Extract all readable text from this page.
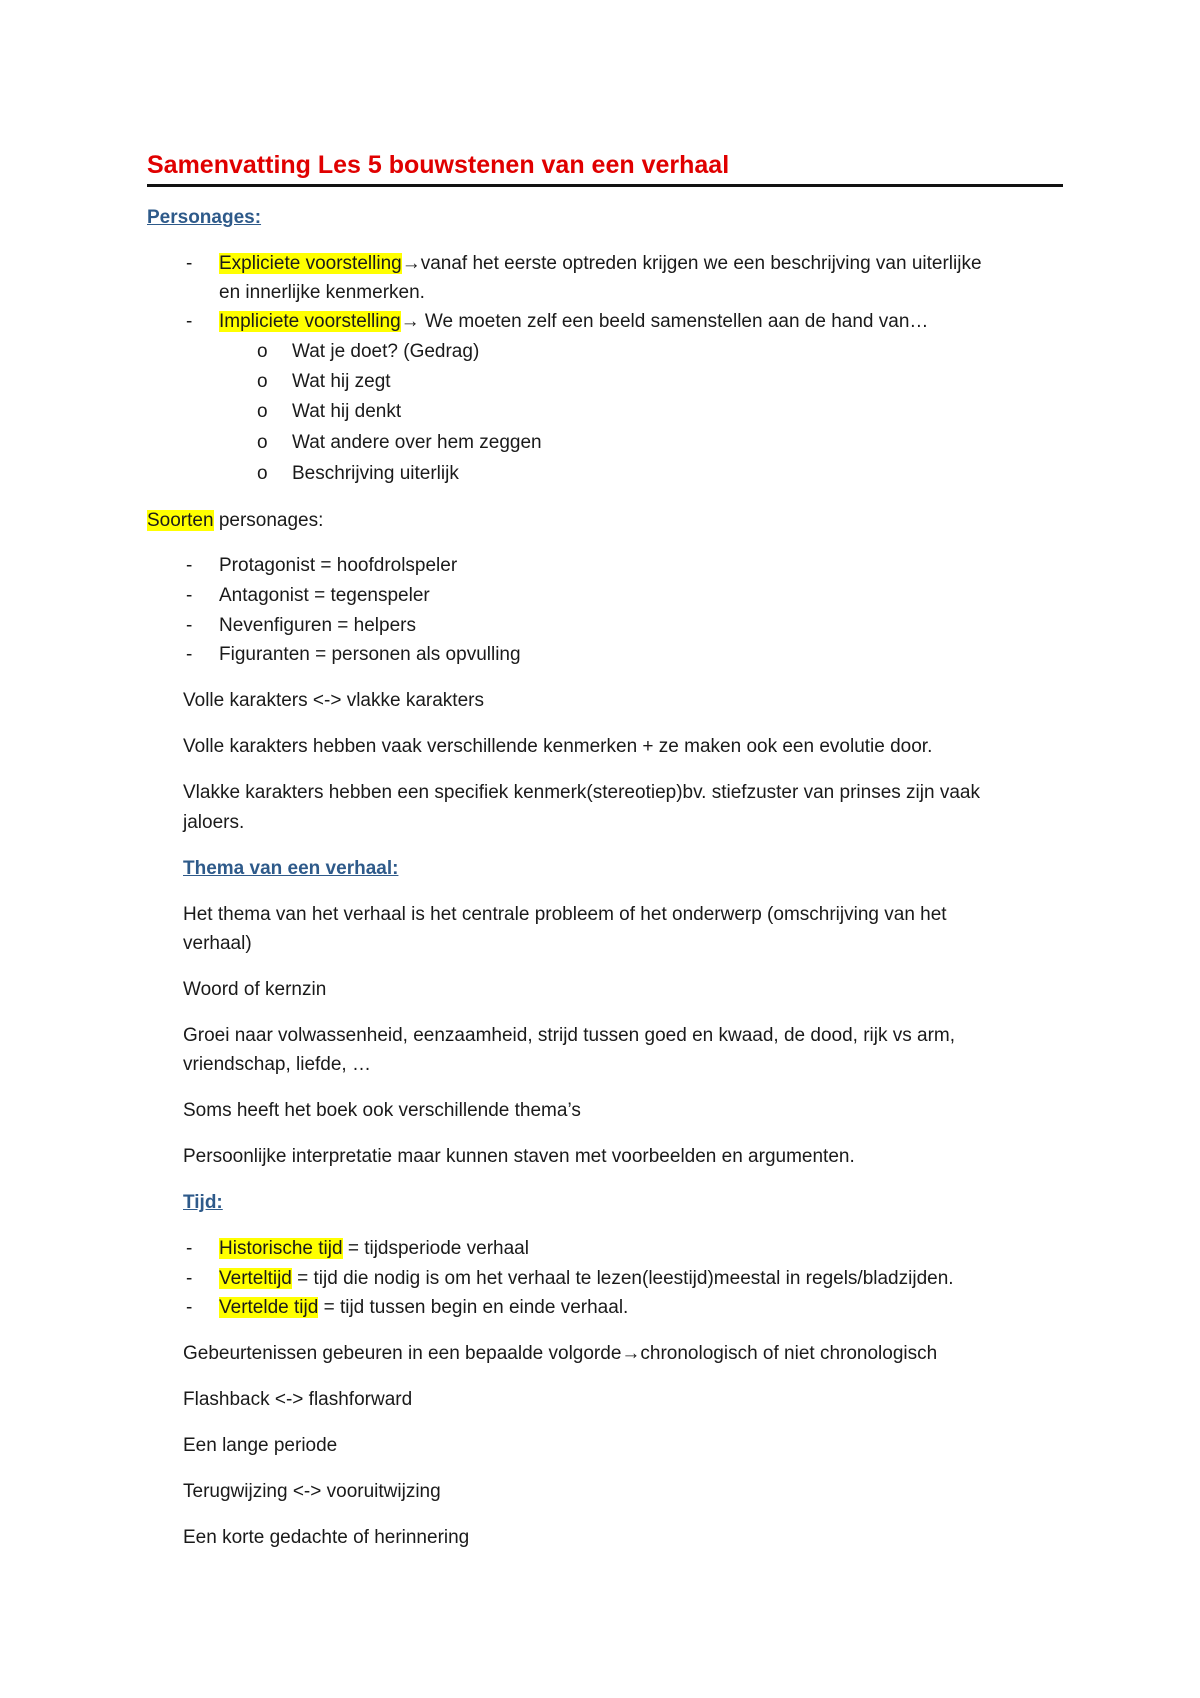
Samenvatting Les 5 bouwstenen van een verhaal
Personages:
- Expliciete voorstelling→vanaf het eerste optreden krijgen we een beschrijving van uiterlijke
en innerlijke kenmerken.
- Impliciete voorstelling→ We moeten zelf een beeld samenstellen aan de hand van…
o Wat je doet? (Gedrag)
o Wat hij zegt
o Wat hij denkt
o Wat andere over hem zeggen
o Beschrijving uiterlijk
Soorten personages:
- Protagonist = hoofdrolspeler
- Antagonist = tegenspeler
- Nevenfiguren = helpers
- Figuranten = personen als opvulling
Volle karakters <-> vlakke karakters
Volle karakters hebben vaak verschillende kenmerken + ze maken ook een evolutie door.
Vlakke karakters hebben een specifiek kenmerk(stereotiep)bv. stiefzuster van prinses zijn vaak
jaloers.
Thema van een verhaal:
Het thema van het verhaal is het centrale probleem of het onderwerp (omschrijving van het
verhaal)
Woord of kernzin
Groei naar volwassenheid, eenzaamheid, strijd tussen goed en kwaad, de dood, rijk vs arm,
vriendschap, liefde, …
Soms heeft het boek ook verschillende thema’s
Persoonlijke interpretatie maar kunnen staven met voorbeelden en argumenten.
Tijd:
- Historische tijd = tijdsperiode verhaal
- Verteltijd = tijd die nodig is om het verhaal te lezen(leestijd)meestal in regels/bladzijden.
- Vertelde tijd = tijd tussen begin en einde verhaal.
Gebeurtenissen gebeuren in een bepaalde volgorde→chronologisch of niet chronologisch
Flashback <-> flashforward
Een lange periode
Terugwijzing <-> vooruitwijzing
Een korte gedachte of herinnering
